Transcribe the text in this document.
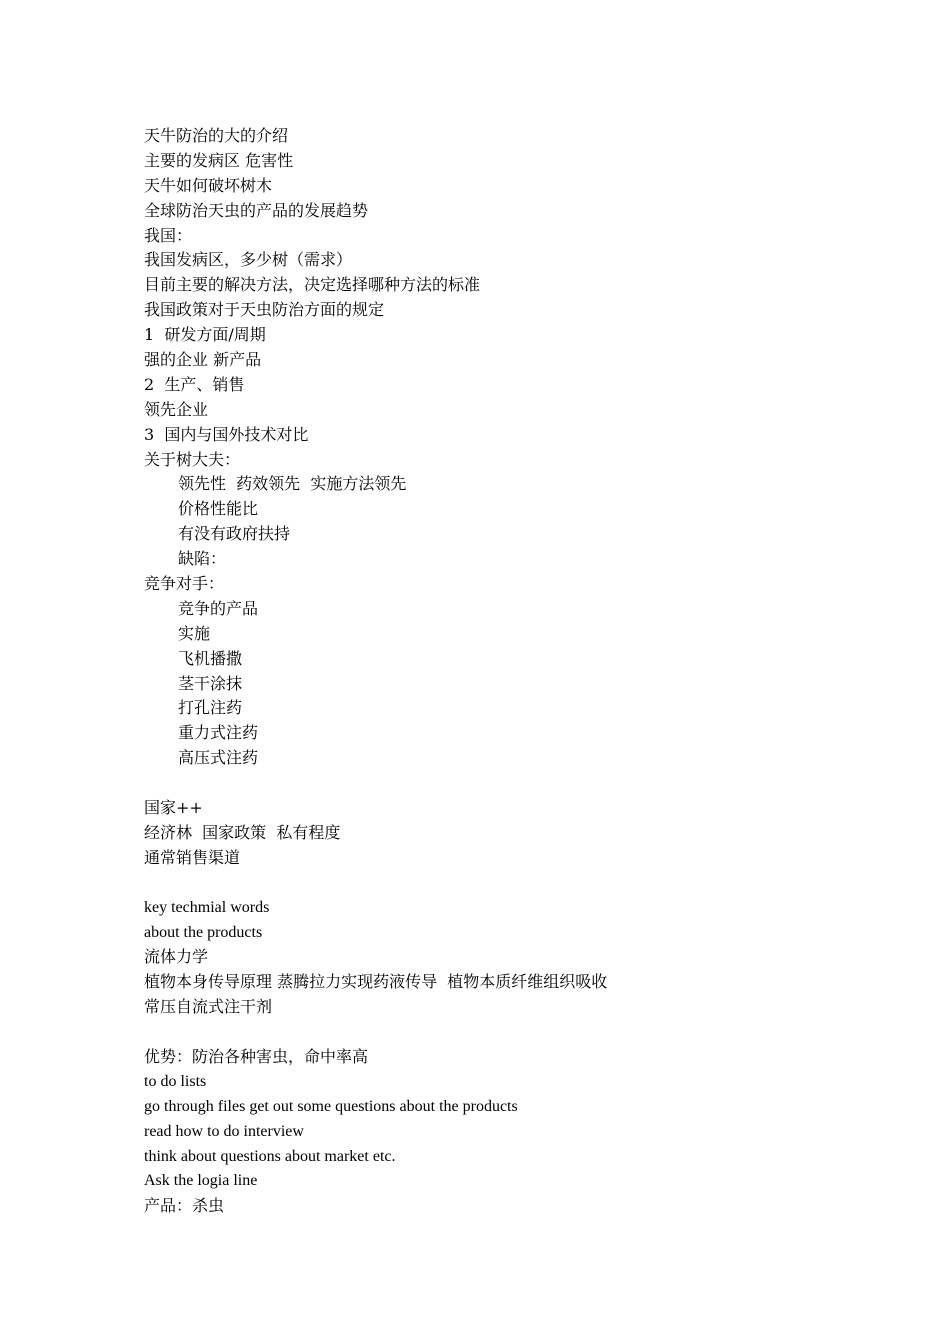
天牛防治的大的介绍
主要的发病区 危害性
天牛如何破坏树木
全球防治天虫的产品的发展趋势
我国：
我国发病区，多少树（需求）
目前主要的解决方法，决定选择哪种方法的标准
我国政策对于天虫防治方面的规定
1  研发方面/周期
强的企业 新产品
2  生产、销售
领先企业
3  国内与国外技术对比
关于树大夫：
领先性  药效领先  实施方法领先
价格性能比
有没有政府扶持
缺陷：
竞争对手：
竞争的产品
实施
飞机播撒
茎干涂抹
打孔注药
重力式注药
高压式注药
国家++
经济林  国家政策  私有程度
通常销售渠道
key techmial words
about the products
流体力学
植物本身传导原理 蒸腾拉力实现药液传导  植物本质纤维组织吸收
常压自流式注干剂
优势：防治各种害虫，命中率高
to do lists
go through files get out some questions about the products
read how to do interview
think about questions about market etc.
Ask the logia line
产品：杀虫
